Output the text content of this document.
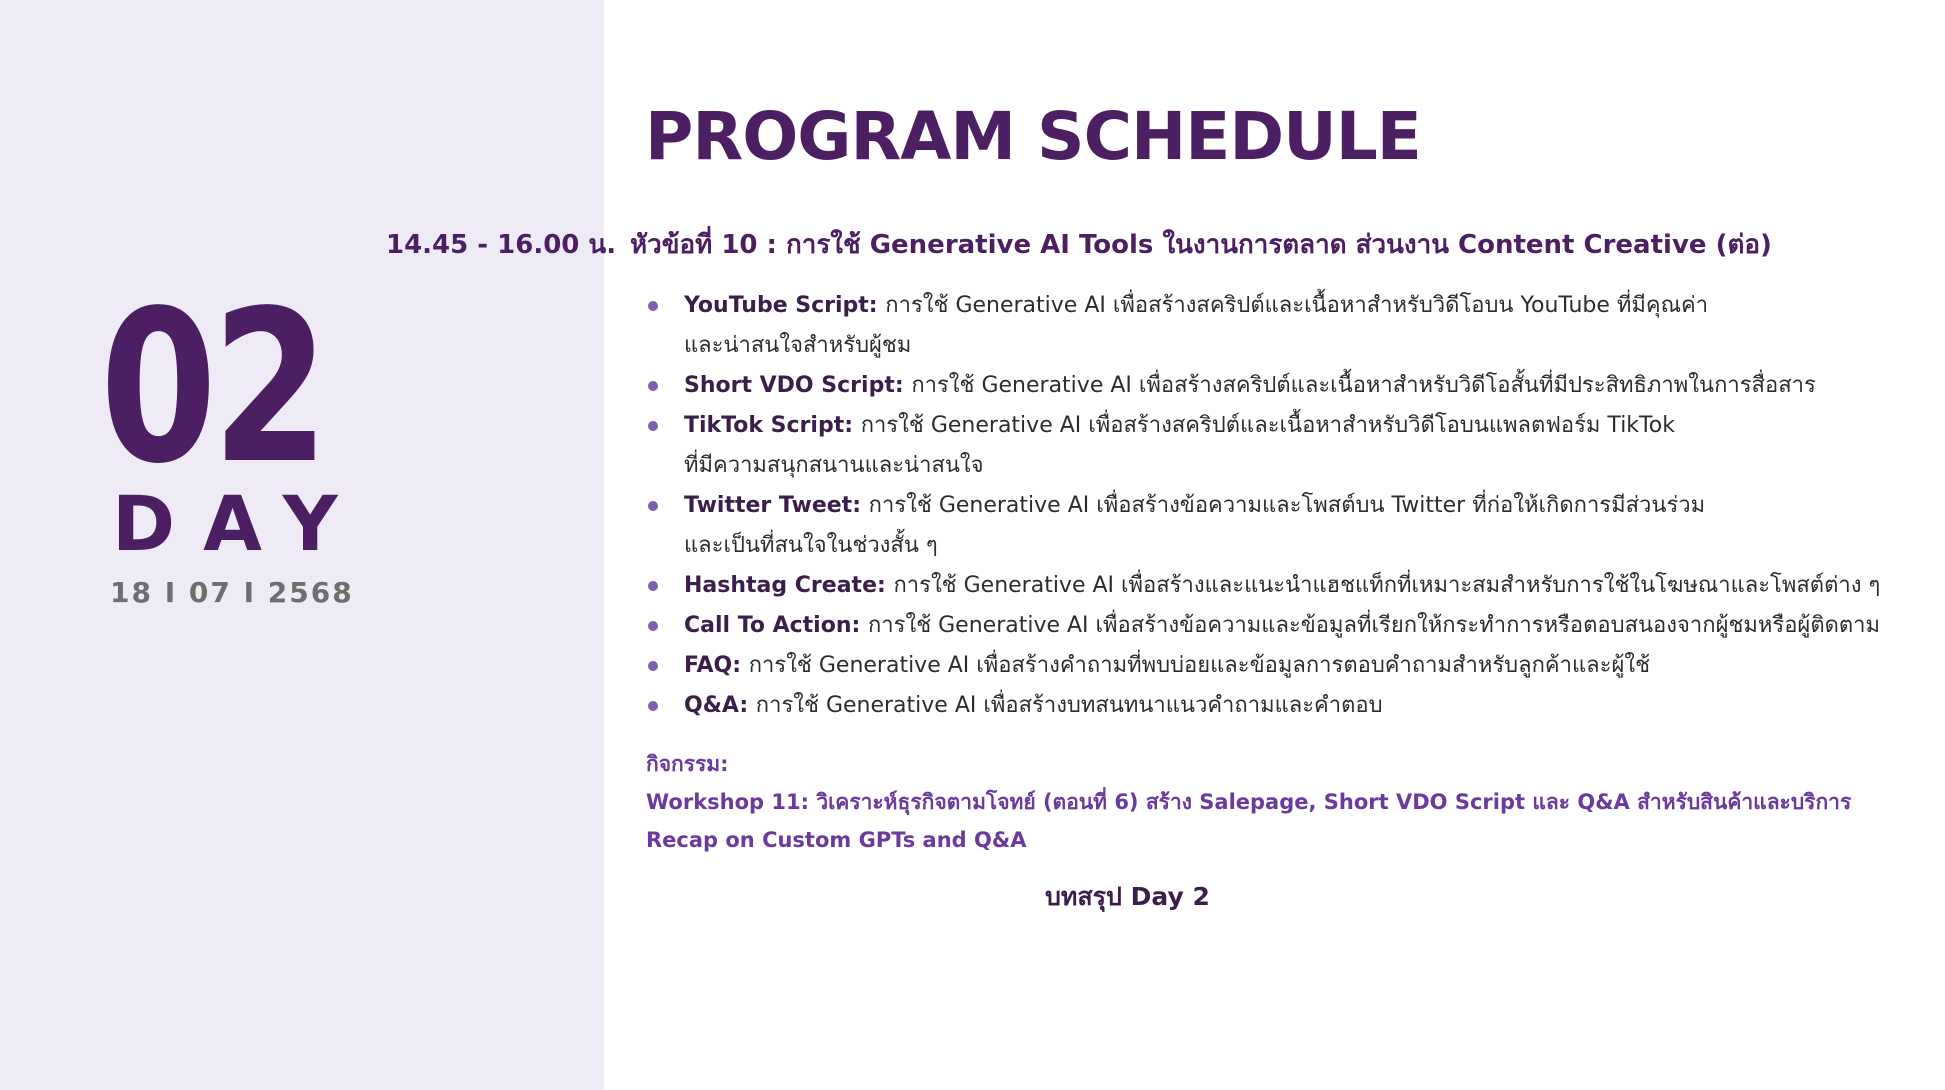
02
DAY
18 I 07 I 2568
PROGRAM SCHEDULE
14.45 - 16.00 น. หัวข้อที่ 10 : การใช้ Generative AI Tools ในงานการตลาด ส่วนงาน Content Creative (ต่อ)
YouTube Script: การใช้ Generative AI เพื่อสร้างสคริปต์และเนื้อหาสำหรับวิดีโอบน YouTube ที่มีคุณค่า
และน่าสนใจสำหรับผู้ชม
Short VDO Script: การใช้ Generative AI เพื่อสร้างสคริปต์และเนื้อหาสำหรับวิดีโอสั้นที่มีประสิทธิภาพในการสื่อสาร
TikTok Script: การใช้ Generative AI เพื่อสร้างสคริปต์และเนื้อหาสำหรับวิดีโอบนแพลตฟอร์ม TikTok
ที่มีความสนุกสนานและน่าสนใจ
Twitter Tweet: การใช้ Generative AI เพื่อสร้างข้อความและโพสต์บน Twitter ที่ก่อให้เกิดการมีส่วนร่วม
และเป็นที่สนใจในช่วงสั้น ๆ
Hashtag Create: การใช้ Generative AI เพื่อสร้างและแนะนำแฮชแท็กที่เหมาะสมสำหรับการใช้ในโฆษณาและโพสต์ต่าง ๆ
Call To Action: การใช้ Generative AI เพื่อสร้างข้อความและข้อมูลที่เรียกให้กระทำการหรือตอบสนองจากผู้ชมหรือผู้ติดตาม
FAQ: การใช้ Generative AI เพื่อสร้างคำถามที่พบบ่อยและข้อมูลการตอบคำถามสำหรับลูกค้าและผู้ใช้
Q&A: การใช้ Generative AI เพื่อสร้างบทสนทนาแนวคำถามและคำตอบ
กิจกรรม:
Workshop 11: วิเคราะห์ธุรกิจตามโจทย์ (ตอนที่ 6) สร้าง Salepage, Short VDO Script และ Q&A สำหรับสินค้าและบริการ
Recap on Custom GPTs and Q&A
บทสรุป Day 2
